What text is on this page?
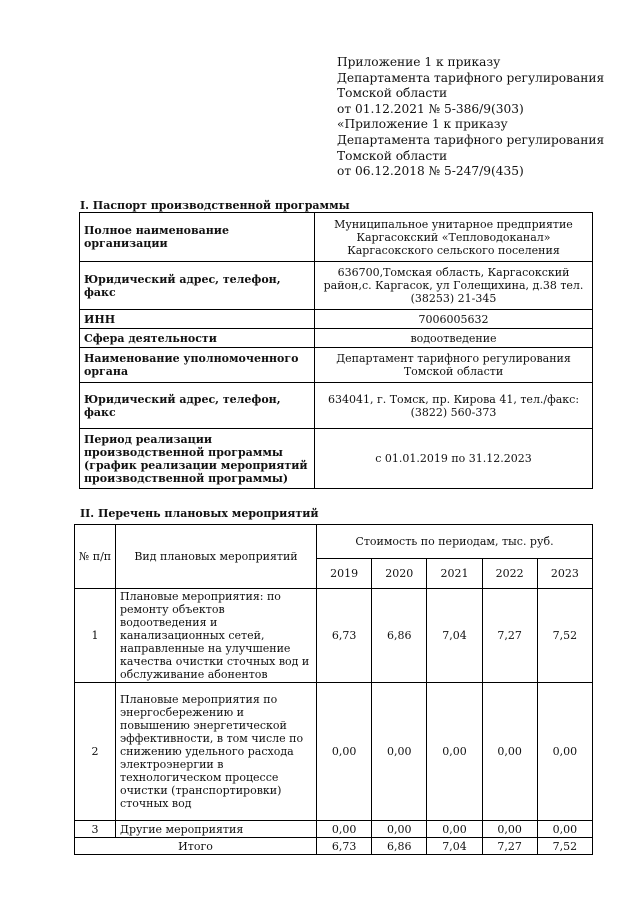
Приложение 1 к приказу
Департамента тарифного регулирования
Томской области
от 01.12.2021 № 5-386/9(303)
«Приложение 1 к приказу
Департамента тарифного регулирования
Томской области
от 06.12.2018 № 5-247/9(435)
I. Паспорт производственной программы
Полное наименование организации	Муниципальное унитарное предприятие Каргасокский «Тепловодоканал» Каргасокского сельского поселения
Юридический адрес, телефон, факс	636700,Томская область, Каргасокский район,с. Каргасок, ул Голещихина, д.38 тел. (38253) 21-345
ИНН	7006005632
Сфера деятельности	водоотведение
Наименование уполномоченного органа	Департамент тарифного регулирования Томской области
Юридический адрес, телефон, факс	634041, г. Томск, пр. Кирова 41, тел./факс: (3822) 560-373
Период реализации производственной программы (график реализации мероприятий производственной программы)	с 01.01.2019 по 31.12.2023
II. Перечень плановых мероприятий
№ п/п	Вид плановых мероприятий	Стоимость по периодам, тыс. руб.				
		2019	2020	2021	2022	2023
1	Плановые мероприятия: по ремонту объектов водоотведения и канализационных сетей, направленные на улучшение качества очистки сточных вод и обслуживание абонентов	6,73	6,86	7,04	7,27	7,52
2	Плановые мероприятия по энергосбережению и повышению энергетической эффективности, в том числе по снижению удельного расхода электроэнергии в технологическом процессе очистки (транспортировки) сточных вод	0,00	0,00	0,00	0,00	0,00
3	Другие мероприятия	0,00	0,00	0,00	0,00	0,00
Итого		6,73	6,86	7,04	7,27	7,52
